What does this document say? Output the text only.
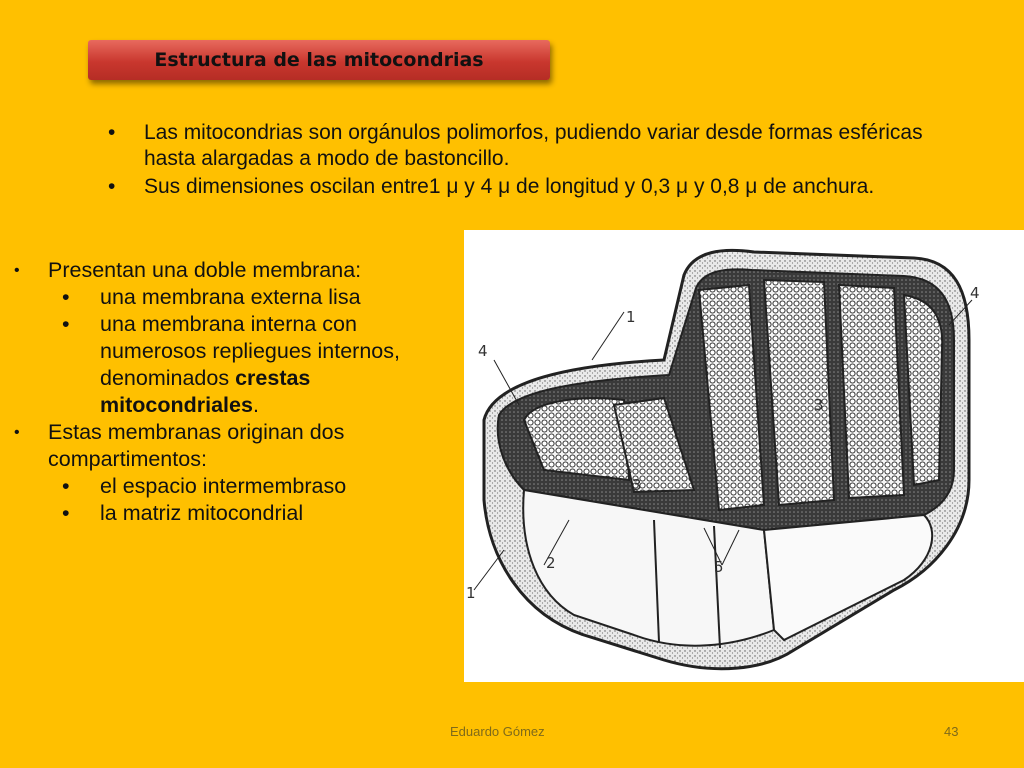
Estructura de las mitocondrias
• Las mitocondrias son orgánulos polimorfos, pudiendo variar desde formas esféricas hasta alargadas a modo de bastoncillo.
• Sus dimensiones oscilan entre1 μ y 4 μ de longitud y 0,3 μ y 0,8 μ de anchura.
• Presentan una doble membrana:
• una membrana externa lisa
• una membrana interna con numerosos repliegues internos, denominados crestas mitocondriales.
• Estas membranas originan dos compartimentos:
• el espacio intermembraso
• la matriz mitocondrial
1
4
4
3
3
2	5
1
Eduardo Gómez	43
